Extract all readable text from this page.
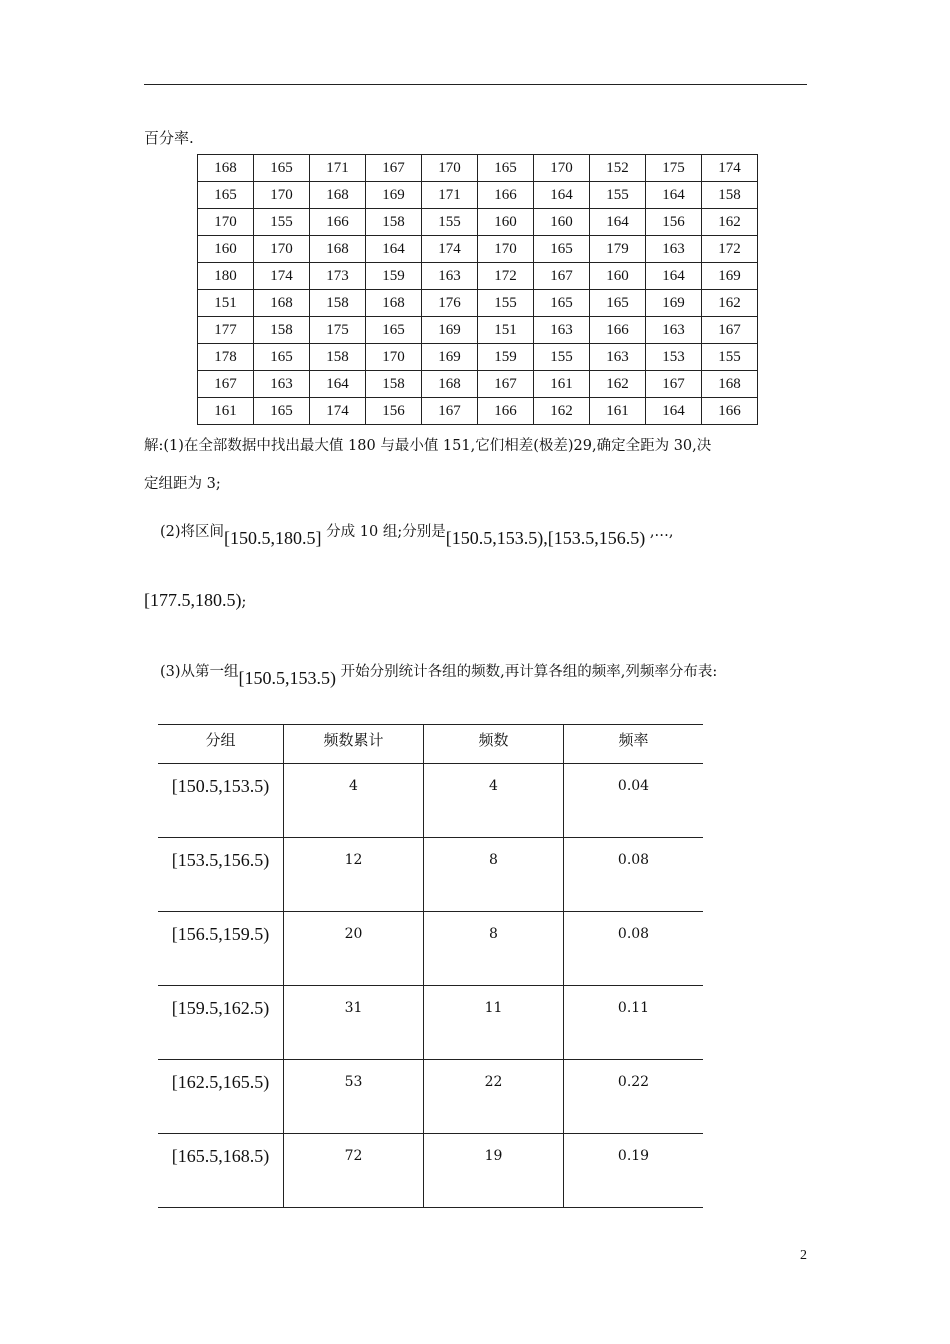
百分率.
168	165	171	167	170	165	170	152	175	174
165	170	168	169	171	166	164	155	164	158
170	155	166	158	155	160	160	164	156	162
160	170	168	164	174	170	165	179	163	172
180	174	173	159	163	172	167	160	164	169
151	168	158	168	176	155	165	165	169	162
177	158	175	165	169	151	163	166	163	167
178	165	158	170	169	159	155	163	153	155
167	163	164	158	168	167	161	162	167	168
161	165	174	156	167	166	162	161	164	166
解:(1)在全部数据中找出最大值 180 与最小值 151,它们相差(极差)29,确定全距为 30,决
定组距为 3;
(2)将区间[150.5,180.5] 分成 10 组;分别是[150.5,153.5),[153.5,156.5) ,…,
[177.5,180.5);
(3)从第一组[150.5,153.5) 开始分别统计各组的频数,再计算各组的频率,列频率分布表:
分组	频数累计	频数	频率
[150.5,153.5)	4	4	0.04
[153.5,156.5)	12	8	0.08
[156.5,159.5)	20	8	0.08
[159.5,162.5)	31	11	0.11
[162.5,165.5)	53	22	0.22
[165.5,168.5)	72	19	0.19
2
